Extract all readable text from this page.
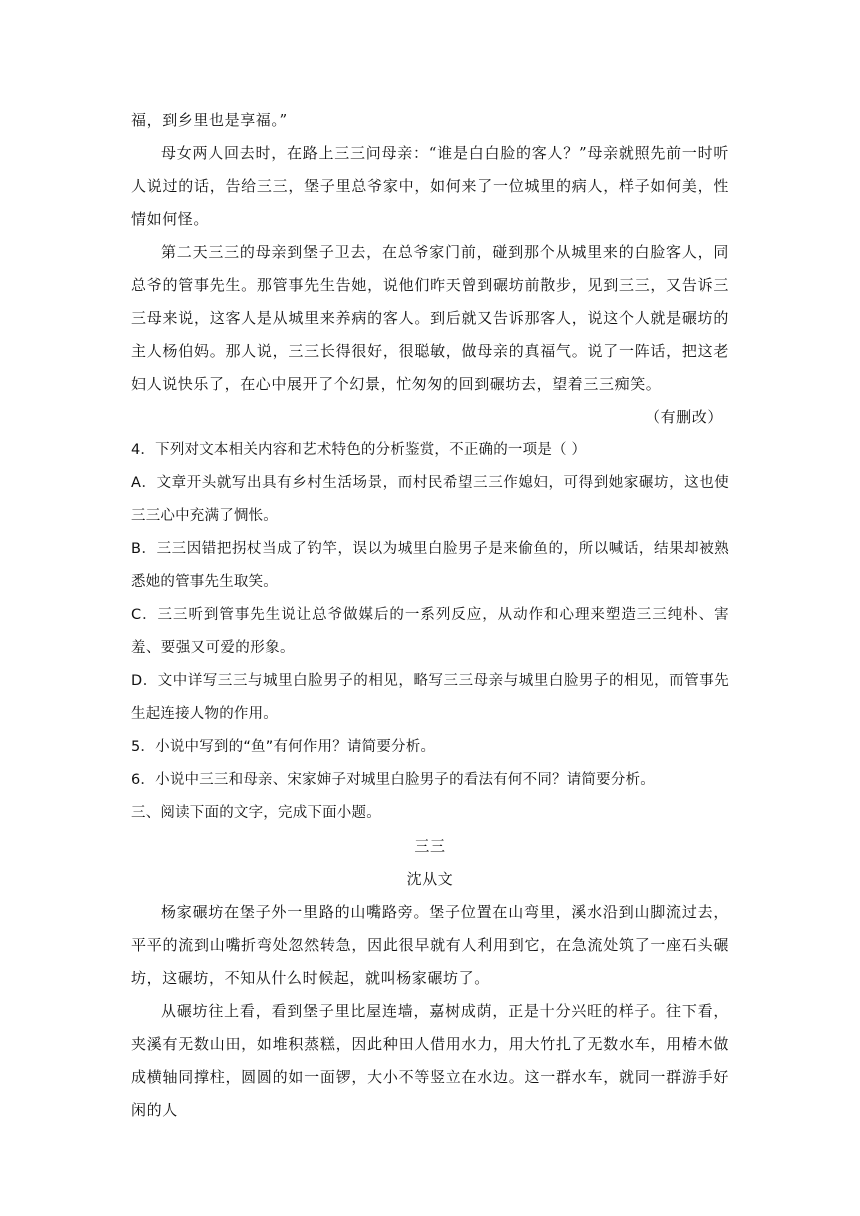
福，到乡里也是享福。”

母女两人回去时，在路上三三问母亲：“谁是白白脸的客人？”母亲就照先前一时听人说过的话，告给三三，堡子里总爷家中，如何来了一位城里的病人，样子如何美，性情如何怪。

第二天三三的母亲到堡子卫去，在总爷家门前，碰到那个从城里来的白脸客人，同总爷的管事先生。那管事先生告她，说他们昨天曾到碾坊前散步，见到三三，又告诉三三母来说，这客人是从城里来养病的客人。到后就又告诉那客人，说这个人就是碾坊的主人杨伯妈。那人说，三三长得很好，很聪敏，做母亲的真福气。说了一阵话，把这老妇人说快乐了，在心中展开了个幻景，忙匆匆的回到碾坊去，望着三三痴笑。

（有删改）

4．下列对文本相关内容和艺术特色的分析鉴赏，不正确的一项是（ ）

A．文章开头就写出具有乡村生活场景，而村民希望三三作媳妇，可得到她家碾坊，这也使三三心中充满了惆怅。

B．三三因错把拐杖当成了钓竿，误以为城里白脸男子是来偷鱼的，所以喊话，结果却被熟悉她的管事先生取笑。

C．三三听到管事先生说让总爷做媒后的一系列反应，从动作和心理来塑造三三纯朴、害羞、要强又可爱的形象。

D．文中详写三三与城里白脸男子的相见，略写三三母亲与城里白脸男子的相见，而管事先生起连接人物的作用。

5．小说中写到的“鱼”有何作用？请简要分析。

6．小说中三三和母亲、宋家婶子对城里白脸男子的看法有何不同？请简要分析。

三、阅读下面的文字，完成下面小题。

三三

沈从文

杨家碾坊在堡子外一里路的山嘴路旁。堡子位置在山弯里，溪水沿到山脚流过去，平平的流到山嘴折弯处忽然转急，因此很早就有人利用到它，在急流处筑了一座石头碾坊，这碾坊，不知从什么时候起，就叫杨家碾坊了。

从碾坊往上看，看到堡子里比屋连墙，嘉树成荫，正是十分兴旺的样子。往下看，夹溪有无数山田，如堆积蒸糕，因此种田人借用水力，用大竹扎了无数水车，用椿木做成横轴同撑柱，圆圆的如一面锣，大小不等竖立在水边。这一群水车，就同一群游手好闲的人
